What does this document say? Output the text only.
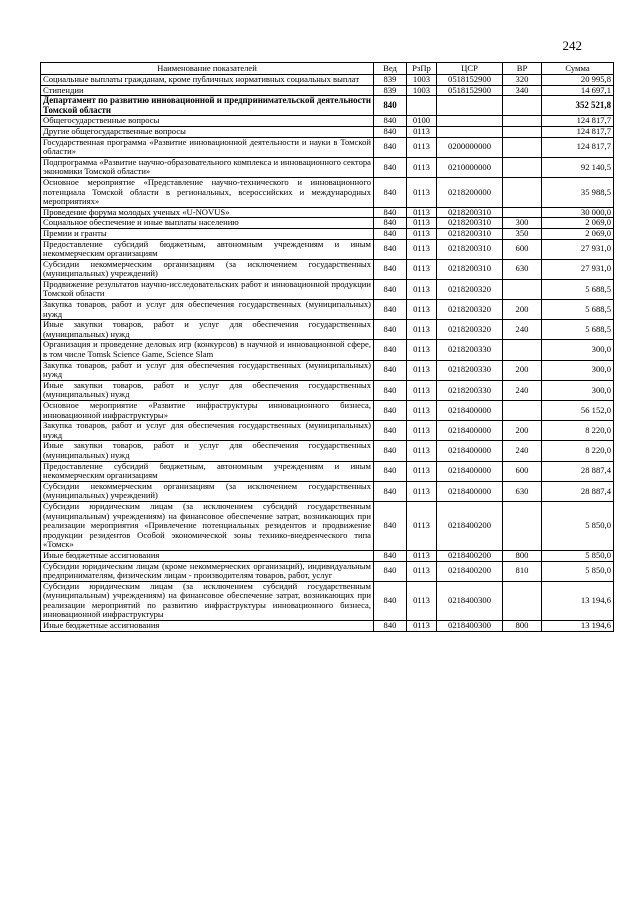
242
Наименование показателей	Вед	РзПр	ЦСР	ВР	Сумма
Социальные выплаты гражданам, кроме публичных нормативных социальных выплат	839	1003	0518152900	320	20 995,8
Стипендии	839	1003	0518152900	340	14 697,1
Департамент по развитию инновационной и предпринимательской деятельности Томской области	840				352 521,8
Общегосударственные вопросы	840	0100			124 817,7
Другие общегосударственные вопросы	840	0113			124 817,7
Государственная программа «Развитие инновационной деятельности и науки в Томской области»	840	0113	0200000000		124 817,7
Подпрограмма «Развитие научно-образовательного комплекса и инновационного сектора экономики Томской области»	840	0113	0210000000		92 140,5
Основное мероприятие «Представление научно-технического и инновационного потенциала Томской области в региональных, всероссийских и международных мероприятиях»	840	0113	0218200000		35 988,5
Проведение форума молодых ученых «U-NOVUS»	840	0113	0218200310		30 000,0
Социальное обеспечение и иные выплаты населению	840	0113	0218200310	300	2 069,0
Премии и гранты	840	0113	0218200310	350	2 069,0
Предоставление субсидий бюджетным, автономным учреждениям и иным некоммерческим организациям	840	0113	0218200310	600	27 931,0
Субсидии некоммерческим организациям (за исключением государственных (муниципальных) учреждений)	840	0113	0218200310	630	27 931,0
Продвижение результатов научно-исследовательских работ и инновационной продукции Томской области	840	0113	0218200320		5 688,5
Закупка товаров, работ и услуг для обеспечения государственных (муниципальных) нужд	840	0113	0218200320	200	5 688,5
Иные закупки товаров, работ и услуг для обеспечения государственных (муниципальных) нужд	840	0113	0218200320	240	5 688,5
Организация и проведение деловых игр (конкурсов) в научной и инновационной сфере, в том числе Tomsk Science Game, Science Slam	840	0113	0218200330		300,0
Закупка товаров, работ и услуг для обеспечения государственных (муниципальных) нужд	840	0113	0218200330	200	300,0
Иные закупки товаров, работ и услуг для обеспечения государственных (муниципальных) нужд	840	0113	0218200330	240	300,0
Основное мероприятие «Развитие инфраструктуры инновационного бизнеса, инновационной инфраструктуры»	840	0113	0218400000		56 152,0
Закупка товаров, работ и услуг для обеспечения государственных (муниципальных) нужд	840	0113	0218400000	200	8 220,0
Иные закупки товаров, работ и услуг для обеспечения государственных (муниципальных) нужд	840	0113	0218400000	240	8 220,0
Предоставление субсидий бюджетным, автономным учреждениям и иным некоммерческим организациям	840	0113	0218400000	600	28 887,4
Субсидии некоммерческим организациям (за исключением государственных (муниципальных) учреждений)	840	0113	0218400000	630	28 887,4
Субсидии юридическим лицам (за исключением субсидий государственным (муниципальным) учреждениям) на финансовое обеспечение затрат, возникающих при реализации мероприятия «Привлечение потенциальных резидентов и продвижение продукции резидентов Особой экономической зоны технико-внедренческого типа «Томск»	840	0113	0218400200		5 850,0
Иные бюджетные ассигнования	840	0113	0218400200	800	5 850,0
Субсидии юридическим лицам (кроме некоммерческих организаций), индивидуальным предпринимателям, физическим лицам - производителям товаров, работ, услуг	840	0113	0218400200	810	5 850,0
Субсидии юридическим лицам (за исключением субсидий государственным (муниципальным) учреждениям) на финансовое обеспечение затрат, возникающих при реализации мероприятий по развитию инфраструктуры инновационного бизнеса, инновационной инфраструктуры	840	0113	0218400300		13 194,6
Иные бюджетные ассигнования	840	0113	0218400300	800	13 194,6
